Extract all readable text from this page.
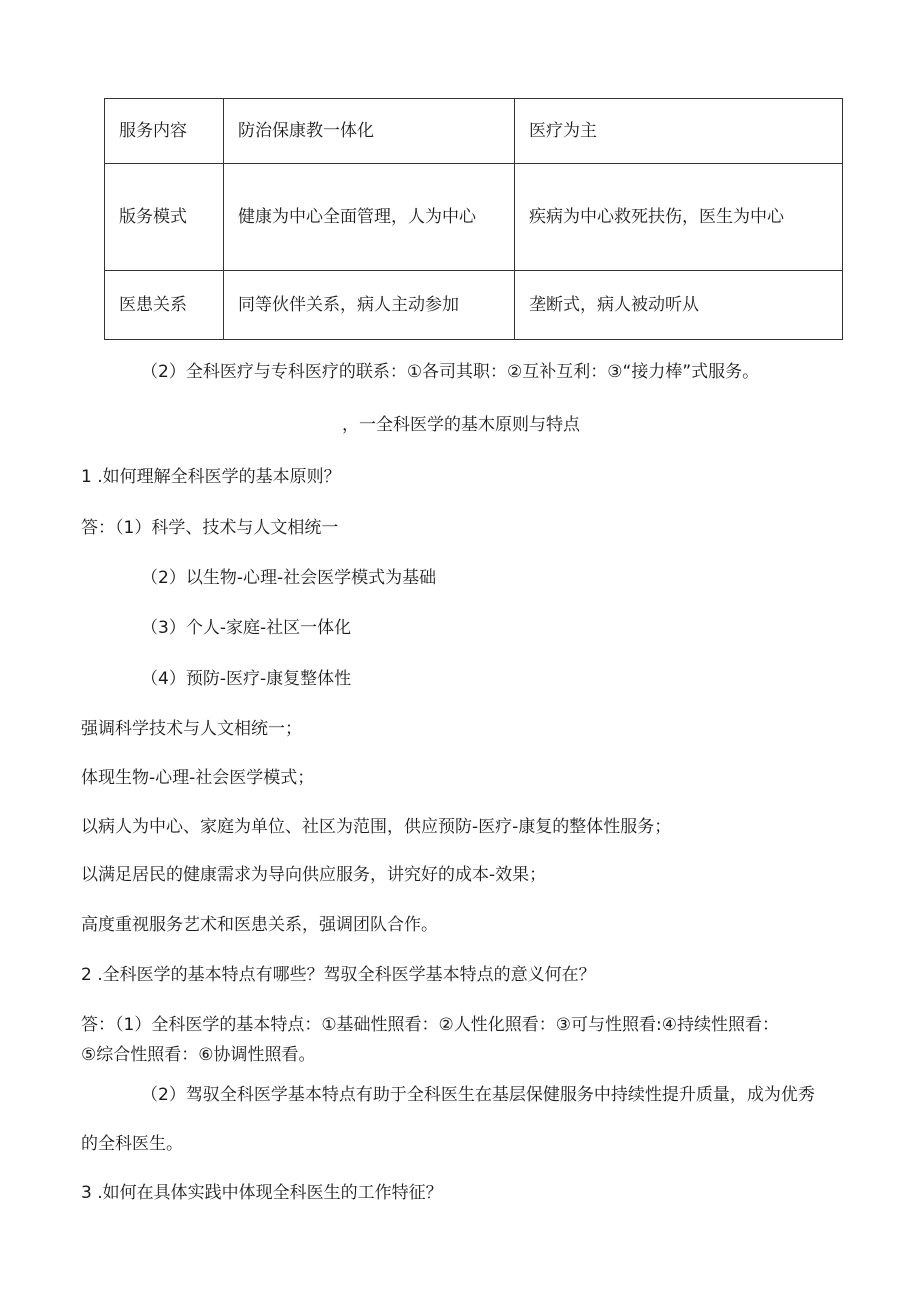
服务内容	防治保康教一体化	医疗为主
版务模式	健康为中心全面管理，人为中心	疾病为中心救死扶伤，医生为中心
医患关系	同等伙伴关系，病人主动参加	垄断式，病人被动听从
（2）全科医疗与专科医疗的联系：①各司其职：②互补互利：③“接力棒”式服务。
，一全科医学的基木原则与特点
1 .如何理解全科医学的基本原则？
答：（1）科学、技术与人文相统一
（2）以生物-心理-社会医学模式为基础
（3）个人-家庭-社区一体化
（4）预防-医疗-康复整体性
强调科学技术与人文相统一；
体现生物-心理-社会医学模式；
以病人为中心、家庭为单位、社区为范围，供应预防-医疗-康复的整体性服务；
以满足居民的健康需求为导向供应服务，讲究好的成本-效果；
高度重视服务艺术和医患关系，强调团队合作。
2 .全科医学的基本特点有哪些？驾驭全科医学基本特点的意义何在？
答：（1）全科医学的基本特点：①基础性照看：②人性化照看：③可与性照看:④持续性照看：
⑤综合性照看：⑥协调性照看。
（2）驾驭全科医学基本特点有助于全科医生在基层保健服务中持续性提升质量，成为优秀
的全科医生。
3 .如何在具体实践中体现全科医生的工作特征？
